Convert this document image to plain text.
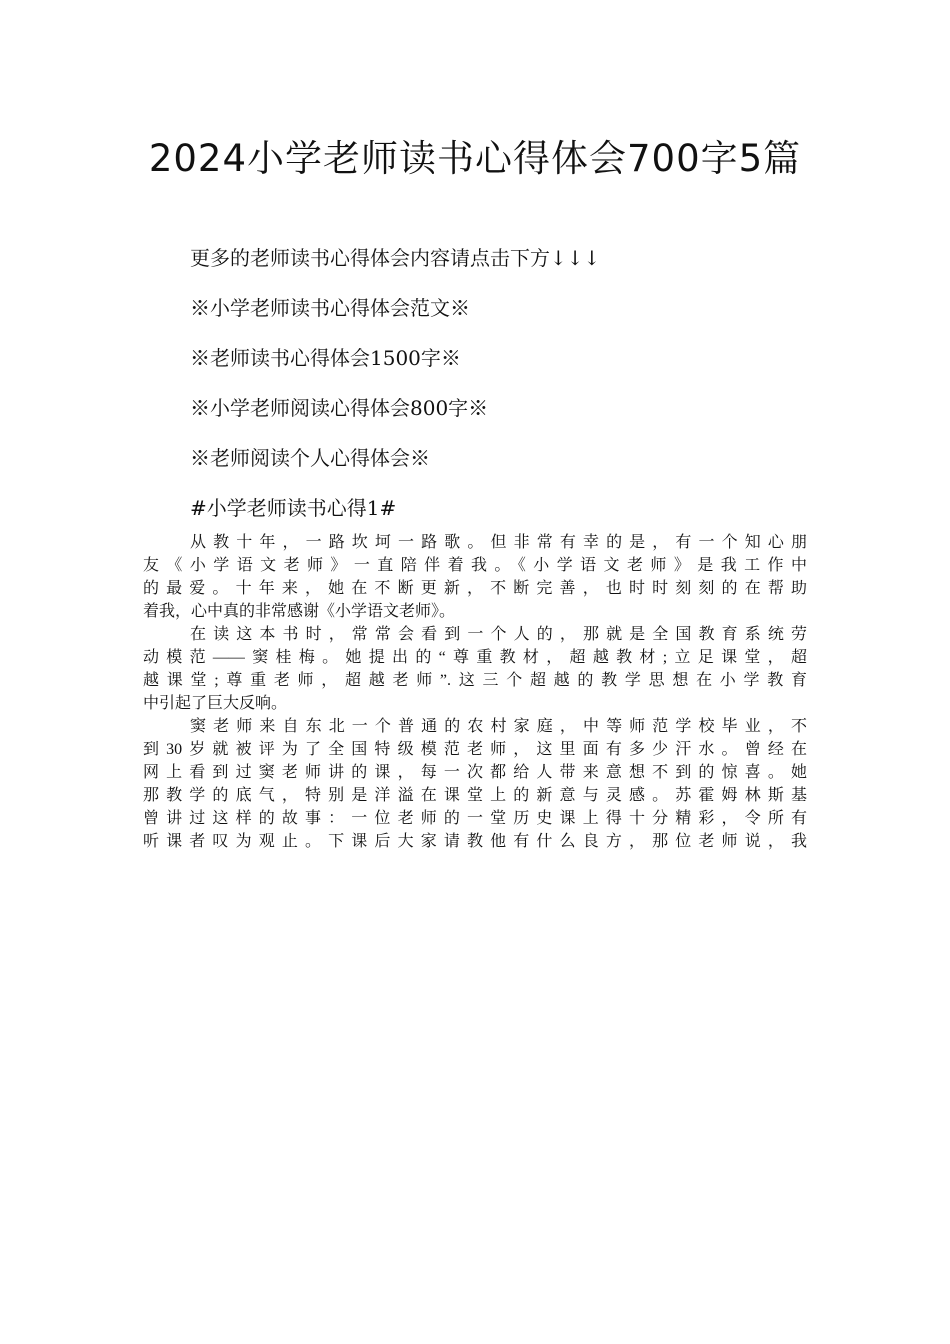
2024小学老师读书心得体会700字5篇
更多的老师读书心得体会内容请点击下方↓↓↓
※小学老师读书心得体会范文※
※老师读书心得体会1500字※
※小学老师阅读心得体会800字※
※老师阅读个人心得体会※
#小学老师读书心得1#
从教十年，一路坎坷一路歌。但非常有幸的是，有一个知心朋
友《小学语文老师》一直陪伴着我。《小学语文老师》是我工作中
的最爱。十年来，她在不断更新，不断完善，也时时刻刻的在帮助
着我，心中真的非常感谢《小学语文老师》。
在读这本书时，常常会看到一个人的，那就是全国教育系统劳
动模范——窦桂梅。她提出的“尊重教材，超越教材;立足课堂，超
越课堂;尊重老师，超越老师”.这三个超越的教学思想在小学教育
中引起了巨大反响。
窦老师来自东北一个普通的农村家庭，中等师范学校毕业，不
到30岁就被评为了全国特级模范老师，这里面有多少汗水。曾经在
网上看到过窦老师讲的课，每一次都给人带来意想不到的惊喜。她
那教学的底气，特别是洋溢在课堂上的新意与灵感。苏霍姆林斯基
曾讲过这样的故事：一位老师的一堂历史课上得十分精彩，令所有
听课者叹为观止。下课后大家请教他有什么良方，那位老师说，我
